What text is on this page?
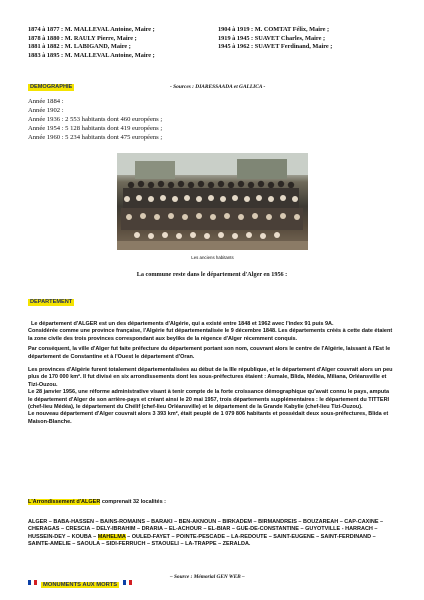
1874 à 1877 : M. MALLEVAL Antoine, Maire ;
1878 à 1880 : M. RAULY Pierre, Maire ;
1881 à 1882 : M. LABIGAND, Maire ;
1883 à 1895 : M. MALLEVAL Antoine, Maire ;
1904 à 1919 : M. COMTAT Félix, Maire ;
1919 à 1945 : SUAVET Charles, Maire ;
1945 à 1962 : SUAVET Ferdinand, Maire ;
DEMOGRAPHIE	- Sources : DIARESSAADA et GALLICA -
Année 1884 :
Année 1902 :
Année 1936 : 2 553 habitants dont 460 européens ;
Année 1954 : 5 128 habitants dont 419 européens ;
Année 1960 : 5 234 habitants dont 475 européens ;
Les anciens habitants
La commune reste dans le département d'Alger en 1956 :
DEPARTEMENT

Le département d'ALGER est un des départements d'Algérie, qui a existé entre 1848 et 1962 avec l'index 91 puis 9A.

Considérée comme une province française, l'Algérie fut départementalisée le 9 décembre 1848. Les départements créés à cette date étaient la zone civile des trois provinces correspondant aux beyliks de la régence d'Alger récemment conquis.

Par conséquent, la ville d'Alger fut faite préfecture du département portant son nom, couvrant alors le centre de l'Algérie, laissant à l'Est le département de Constantine et à l'Ouest le département d'Oran.

Les provinces d'Algérie furent totalement départementalisées au début de la IIIe république, et le département d'Alger couvrait alors un peu plus de 170 000 km². Il fut divisé en six arrondissements dont les sous-préfectures étaient : Aumale, Blida, Médéa, Miliana, Orléansville et Tizi-Ouzou.

Le 28 janvier 1956, une réforme administrative visant à tenir compte de la forte croissance démographique qu'avait connu le pays, amputa le département d'Alger de son arrière-pays et créant ainsi le 20 mai 1957, trois départements supplémentaires : le département du TITTERI (chef-lieu Médéa), le département du Chélif (chef-lieu Orléansville) et le département de la Grande Kabylie (chef-lieu Tizi-Ouzou).

Le nouveau département d'Alger couvrait alors 3 393 km², était peuplé de 1 079 806 habitants et possédait deux sous-préfectures, Blida et Maison-Blanche.

L'Arrondissement d'ALGER comprenait 32 localités :
ALGER – BABA-HASSEN – BAINS-ROMAINS – BARAKI – BEN-AKNOUN – BIRKADEM – BIRMANDREIS – BOUZAREAH – CAP-CAXINE – CHERAGAS – CRESCIA – DELY-IBRAHIM – DRARIA – EL-ACHOUR – EL-BIAR – GUE-DE-CONSTANTINE – GUYOTVILLE - HARRACH – HUSSEIN-DEY – KOUBA – MAHELMA – OULED-FAYET – POINTE-PESCADE – LA-REDOUTE – SAINT-EUGENE – SAINT-FERDINAND – SAINTE-AMELIE – SAOULA – SIDI-FERRUCH – STAOUELI – LA-TRAPPE – ZERALDA.
MONUMENTS AUX MORTS
– Source : Mémorial GEN WEB –
